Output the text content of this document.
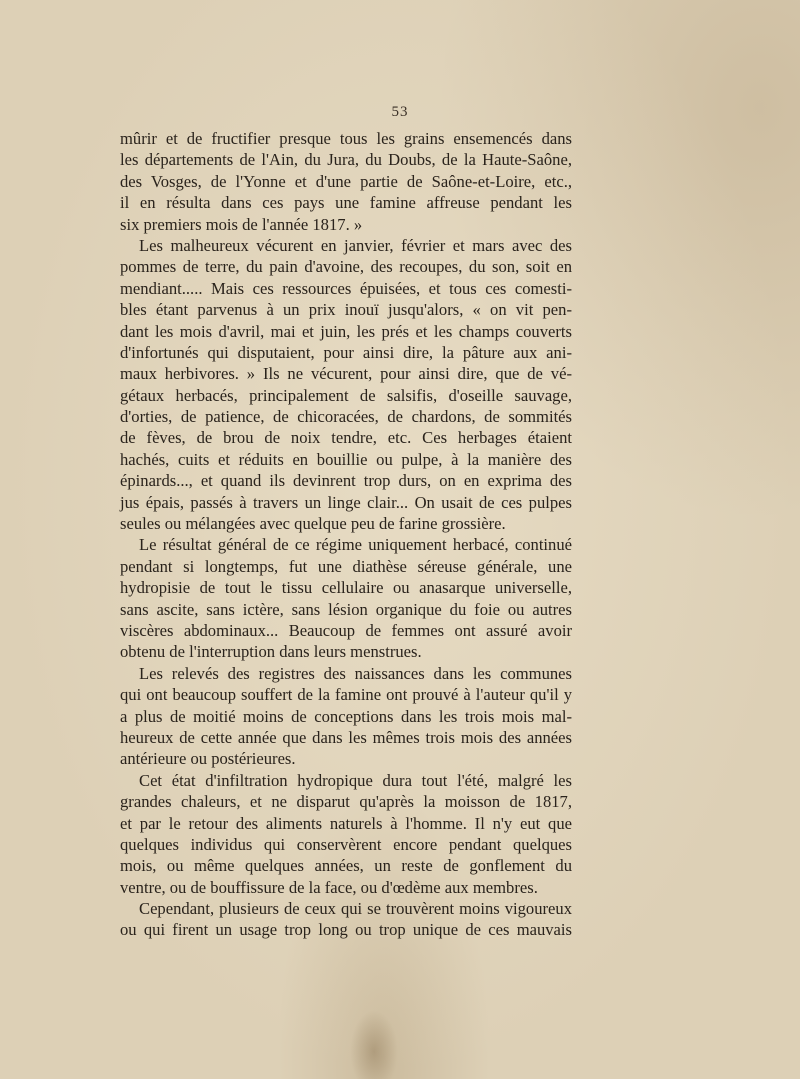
53
mûrir et de fructifier presque tous les grains ensemencés dans
les départements de l'Ain, du Jura, du Doubs, de la Haute-Saône,
des Vosges, de l'Yonne et d'une partie de Saône-et-Loire, etc.,
il en résulta dans ces pays une famine affreuse pendant les
six premiers mois de l'année 1817. »
Les malheureux vécurent en janvier, février et mars avec des
pommes de terre, du pain d'avoine, des recoupes, du son, soit en
mendiant..... Mais ces ressources épuisées, et tous ces comesti-
bles étant parvenus à un prix inouï jusqu'alors, « on vit pen-
dant les mois d'avril, mai et juin, les prés et les champs couverts
d'infortunés qui disputaient, pour ainsi dire, la pâture aux ani-
maux herbivores. » Ils ne vécurent, pour ainsi dire, que de vé-
gétaux herbacés, principalement de salsifis, d'oseille sauvage,
d'orties, de patience, de chicoracées, de chardons, de sommités
de fèves, de brou de noix tendre, etc. Ces herbages étaient
hachés, cuits et réduits en bouillie ou pulpe, à la manière des
épinards..., et quand ils devinrent trop durs, on en exprima des
jus épais, passés à travers un linge clair... On usait de ces pulpes
seules ou mélangées avec quelque peu de farine grossière.
Le résultat général de ce régime uniquement herbacé, continué
pendant si longtemps, fut une diathèse séreuse générale, une
hydropisie de tout le tissu cellulaire ou anasarque universelle,
sans ascite, sans ictère, sans lésion organique du foie ou autres
viscères abdominaux... Beaucoup de femmes ont assuré avoir
obtenu de l'interruption dans leurs menstrues.
Les relevés des registres des naissances dans les communes
qui ont beaucoup souffert de la famine ont prouvé à l'auteur qu'il y
a plus de moitié moins de conceptions dans les trois mois mal-
heureux de cette année que dans les mêmes trois mois des années
antérieure ou postérieures.
Cet état d'infiltration hydropique dura tout l'été, malgré les
grandes chaleurs, et ne disparut qu'après la moisson de 1817,
et par le retour des aliments naturels à l'homme. Il n'y eut que
quelques individus qui conservèrent encore pendant quelques
mois, ou même quelques années, un reste de gonflement du
ventre, ou de bouffissure de la face, ou d'œdème aux membres.
Cependant, plusieurs de ceux qui se trouvèrent moins vigoureux
ou qui firent un usage trop long ou trop unique de ces mauvais
